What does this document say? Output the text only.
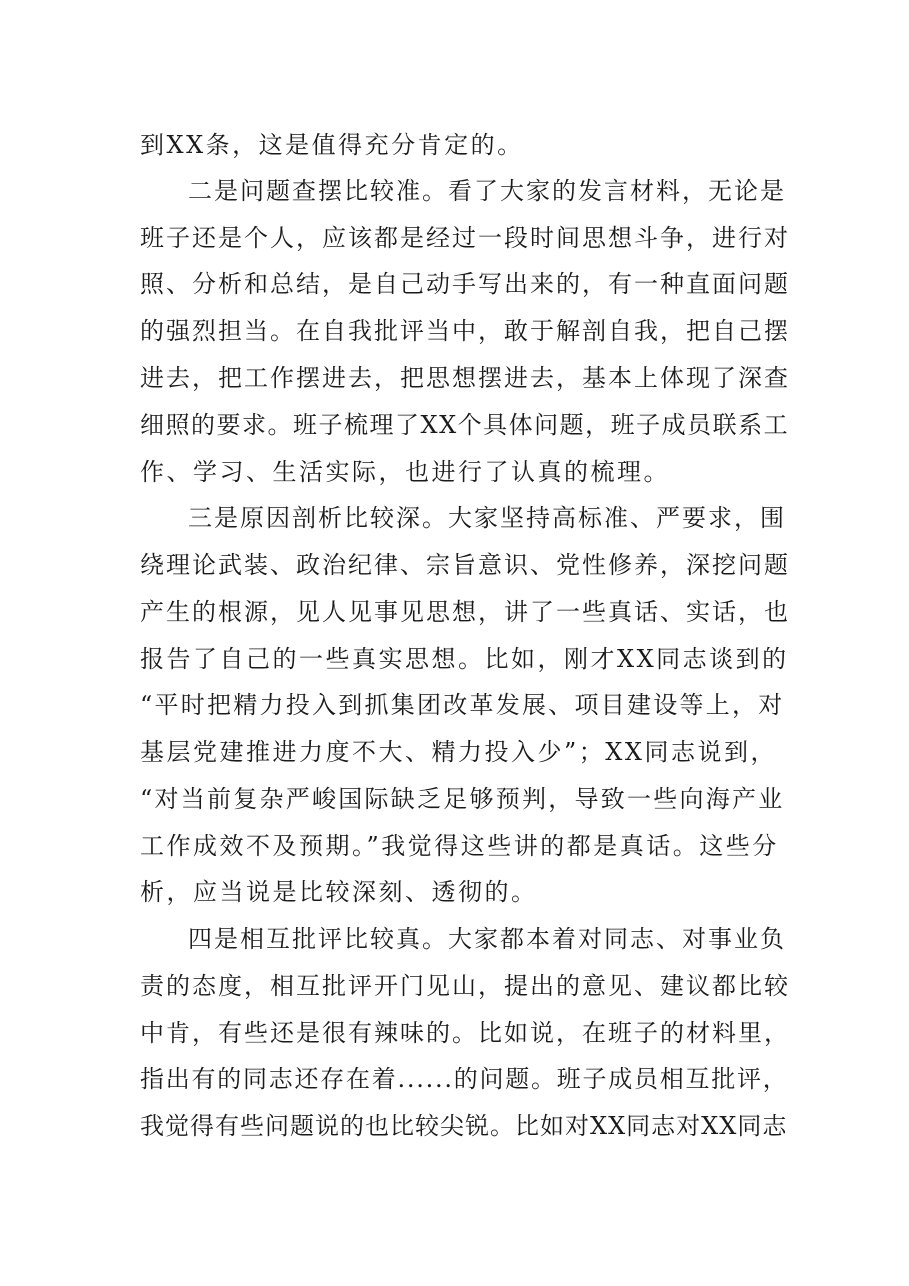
到XX条，这是值得充分肯定的。
二是问题查摆比较准。看了大家的发言材料，无论是
班子还是个人，应该都是经过一段时间思想斗争，进行对
照、分析和总结，是自己动手写出来的，有一种直面问题
的强烈担当。在自我批评当中，敢于解剖自我，把自己摆
进去，把工作摆进去，把思想摆进去，基本上体现了深查
细照的要求。班子梳理了XX个具体问题，班子成员联系工
作、学习、生活实际，也进行了认真的梳理。
三是原因剖析比较深。大家坚持高标准、严要求，围
绕理论武装、政治纪律、宗旨意识、党性修养，深挖问题
产生的根源，见人见事见思想，讲了一些真话、实话，也
报告了自己的一些真实思想。比如，刚才XX同志谈到的
“平时把精力投入到抓集团改革发展、项目建设等上，对
基层党建推进力度不大、精力投入少”；XX同志说到，
“对当前复杂严峻国际缺乏足够预判，导致一些向海产业
工作成效不及预期。”我觉得这些讲的都是真话。这些分
析，应当说是比较深刻、透彻的。
四是相互批评比较真。大家都本着对同志、对事业负
责的态度，相互批评开门见山，提出的意见、建议都比较
中肯，有些还是很有辣味的。比如说，在班子的材料里，
指出有的同志还存在着......的问题。班子成员相互批评，
我觉得有些问题说的也比较尖锐。比如对XX同志对XX同志
